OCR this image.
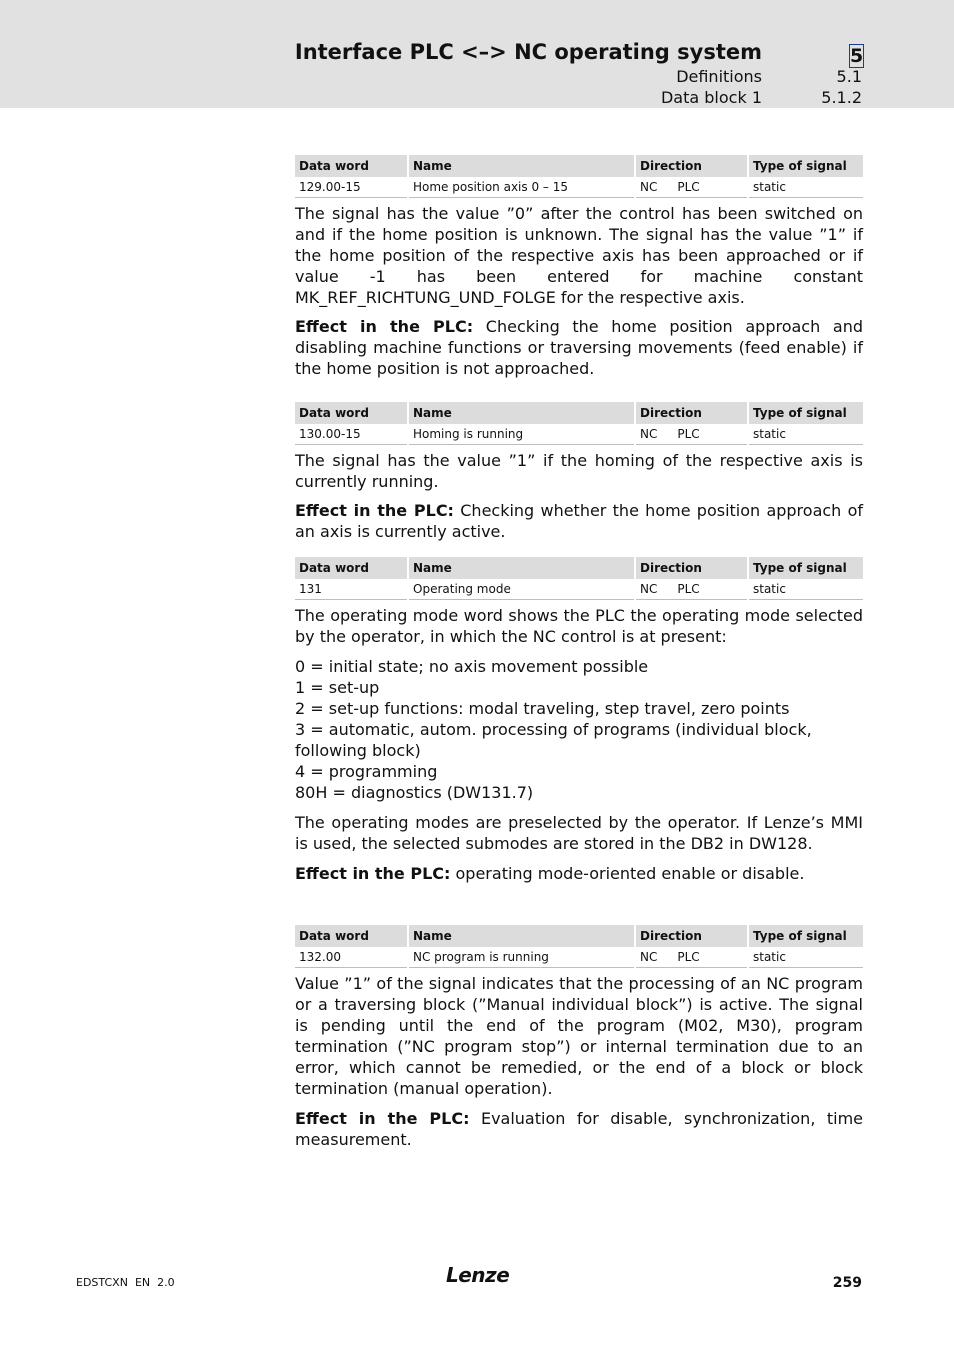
Interface PLC <–> NC operating system	5
Definitions	5.1
Data block 1	5.1.2
Data word	Name	Direction	Type of signal
129.00-15	Home position axis 0 – 15	NC PLC	static

The signal has the value ”0” after the control has been switched on and if the home position is unknown. The signal has the value ”1” if the home position of the respective axis has been approached or if value -1 has been entered for machine constant MK_REF_RICHTUNG_UND_FOLGE for the respective axis.

Effect in the PLC: Checking the home position approach and disabling machine functions or traversing movements (feed enable) if the home position is not approached.

Data word	Name	Direction	Type of signal
130.00-15	Homing is running	NC PLC	static

The signal has the value ”1” if the homing of the respective axis is currently running.

Effect in the PLC: Checking whether the home position approach of an axis is currently active.

Data word	Name	Direction	Type of signal
131	Operating mode	NC PLC	static

The operating mode word shows the PLC the operating mode selected by the operator, in which the NC control is at present:

0 = initial state; no axis movement possible

1 = set-up

2 = set-up functions: modal traveling, step travel, zero points

3 = automatic, autom. processing of programs (individual block, following block)

4 = programming

80H = diagnostics (DW131.7)

The operating modes are preselected by the operator. If Lenze’s MMI is used, the selected submodes are stored in the DB2 in DW128.

Effect in the PLC: operating mode-oriented enable or disable.

Data word	Name	Direction	Type of signal
132.00	NC program is running	NC PLC	static

Value ”1” of the signal indicates that the processing of an NC program or a traversing block (”Manual individual block”) is active. The signal is pending until the end of the program (M02, M30), program termination (”NC program stop”) or internal termination due to an error, which cannot be remedied, or the end of a block or block termination (manual operation).

Effect in the PLC: Evaluation for disable, synchronization, time measurement.

EDSTCXN EN 2.0	Lenze	259
